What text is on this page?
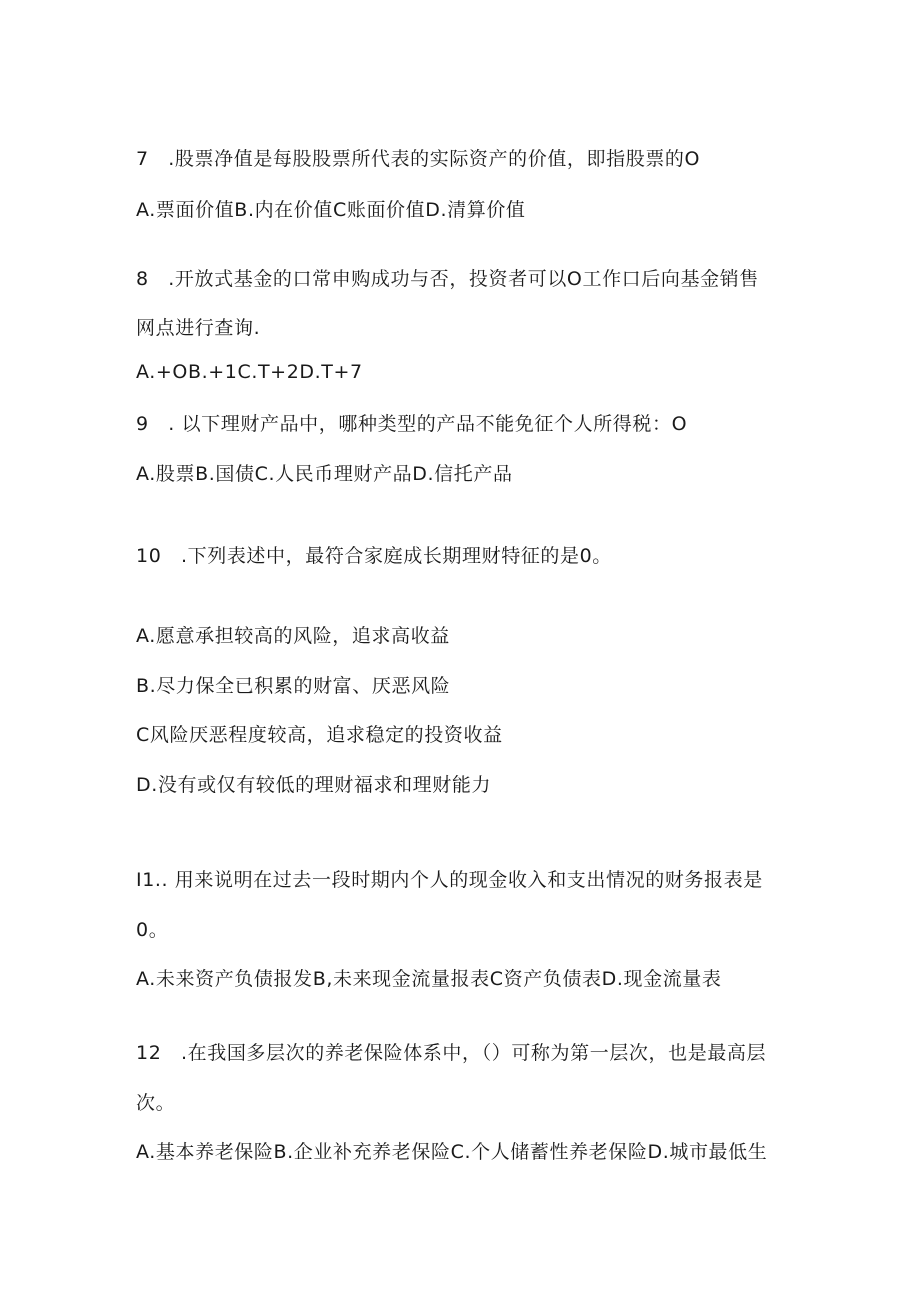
7　.股票净值是每股股票所代表的实际资产的价值，即指股票的O
A.票面价值B.内在价值C账面价值D.清算价值
8　.开放式基金的口常申购成功与否，投资者可以O工作口后向基金销售
网点进行查询.
A.+OB.+1C.T+2D.T+7
9　. 以下理财产品中，哪种类型的产品不能免征个人所得税：O
A.股票B.国债C.人民币理财产品D.信托产品
10　.下列表述中，最符合家庭成长期理财特征的是0。
A.愿意承担较高的风险，追求高收益
B.尽力保全已积累的财富、厌恶风险
C风险厌恶程度较高，追求稳定的投资收益
D.没有或仅有较低的理财福求和理财能力
I1.. 用来说明在过去一段时期内个人的现金收入和支出情况的财务报表是
0。
A.未来资产负债报发B,未来现金流量报表C资产负债表D.现金流量表
12　.在我国多层次的养老保险体系中，（）可称为第一层次，也是最高层
次。
A.基本养老保险B.企业补充养老保险C.个人储蓄性养老保险D.城市最低生
